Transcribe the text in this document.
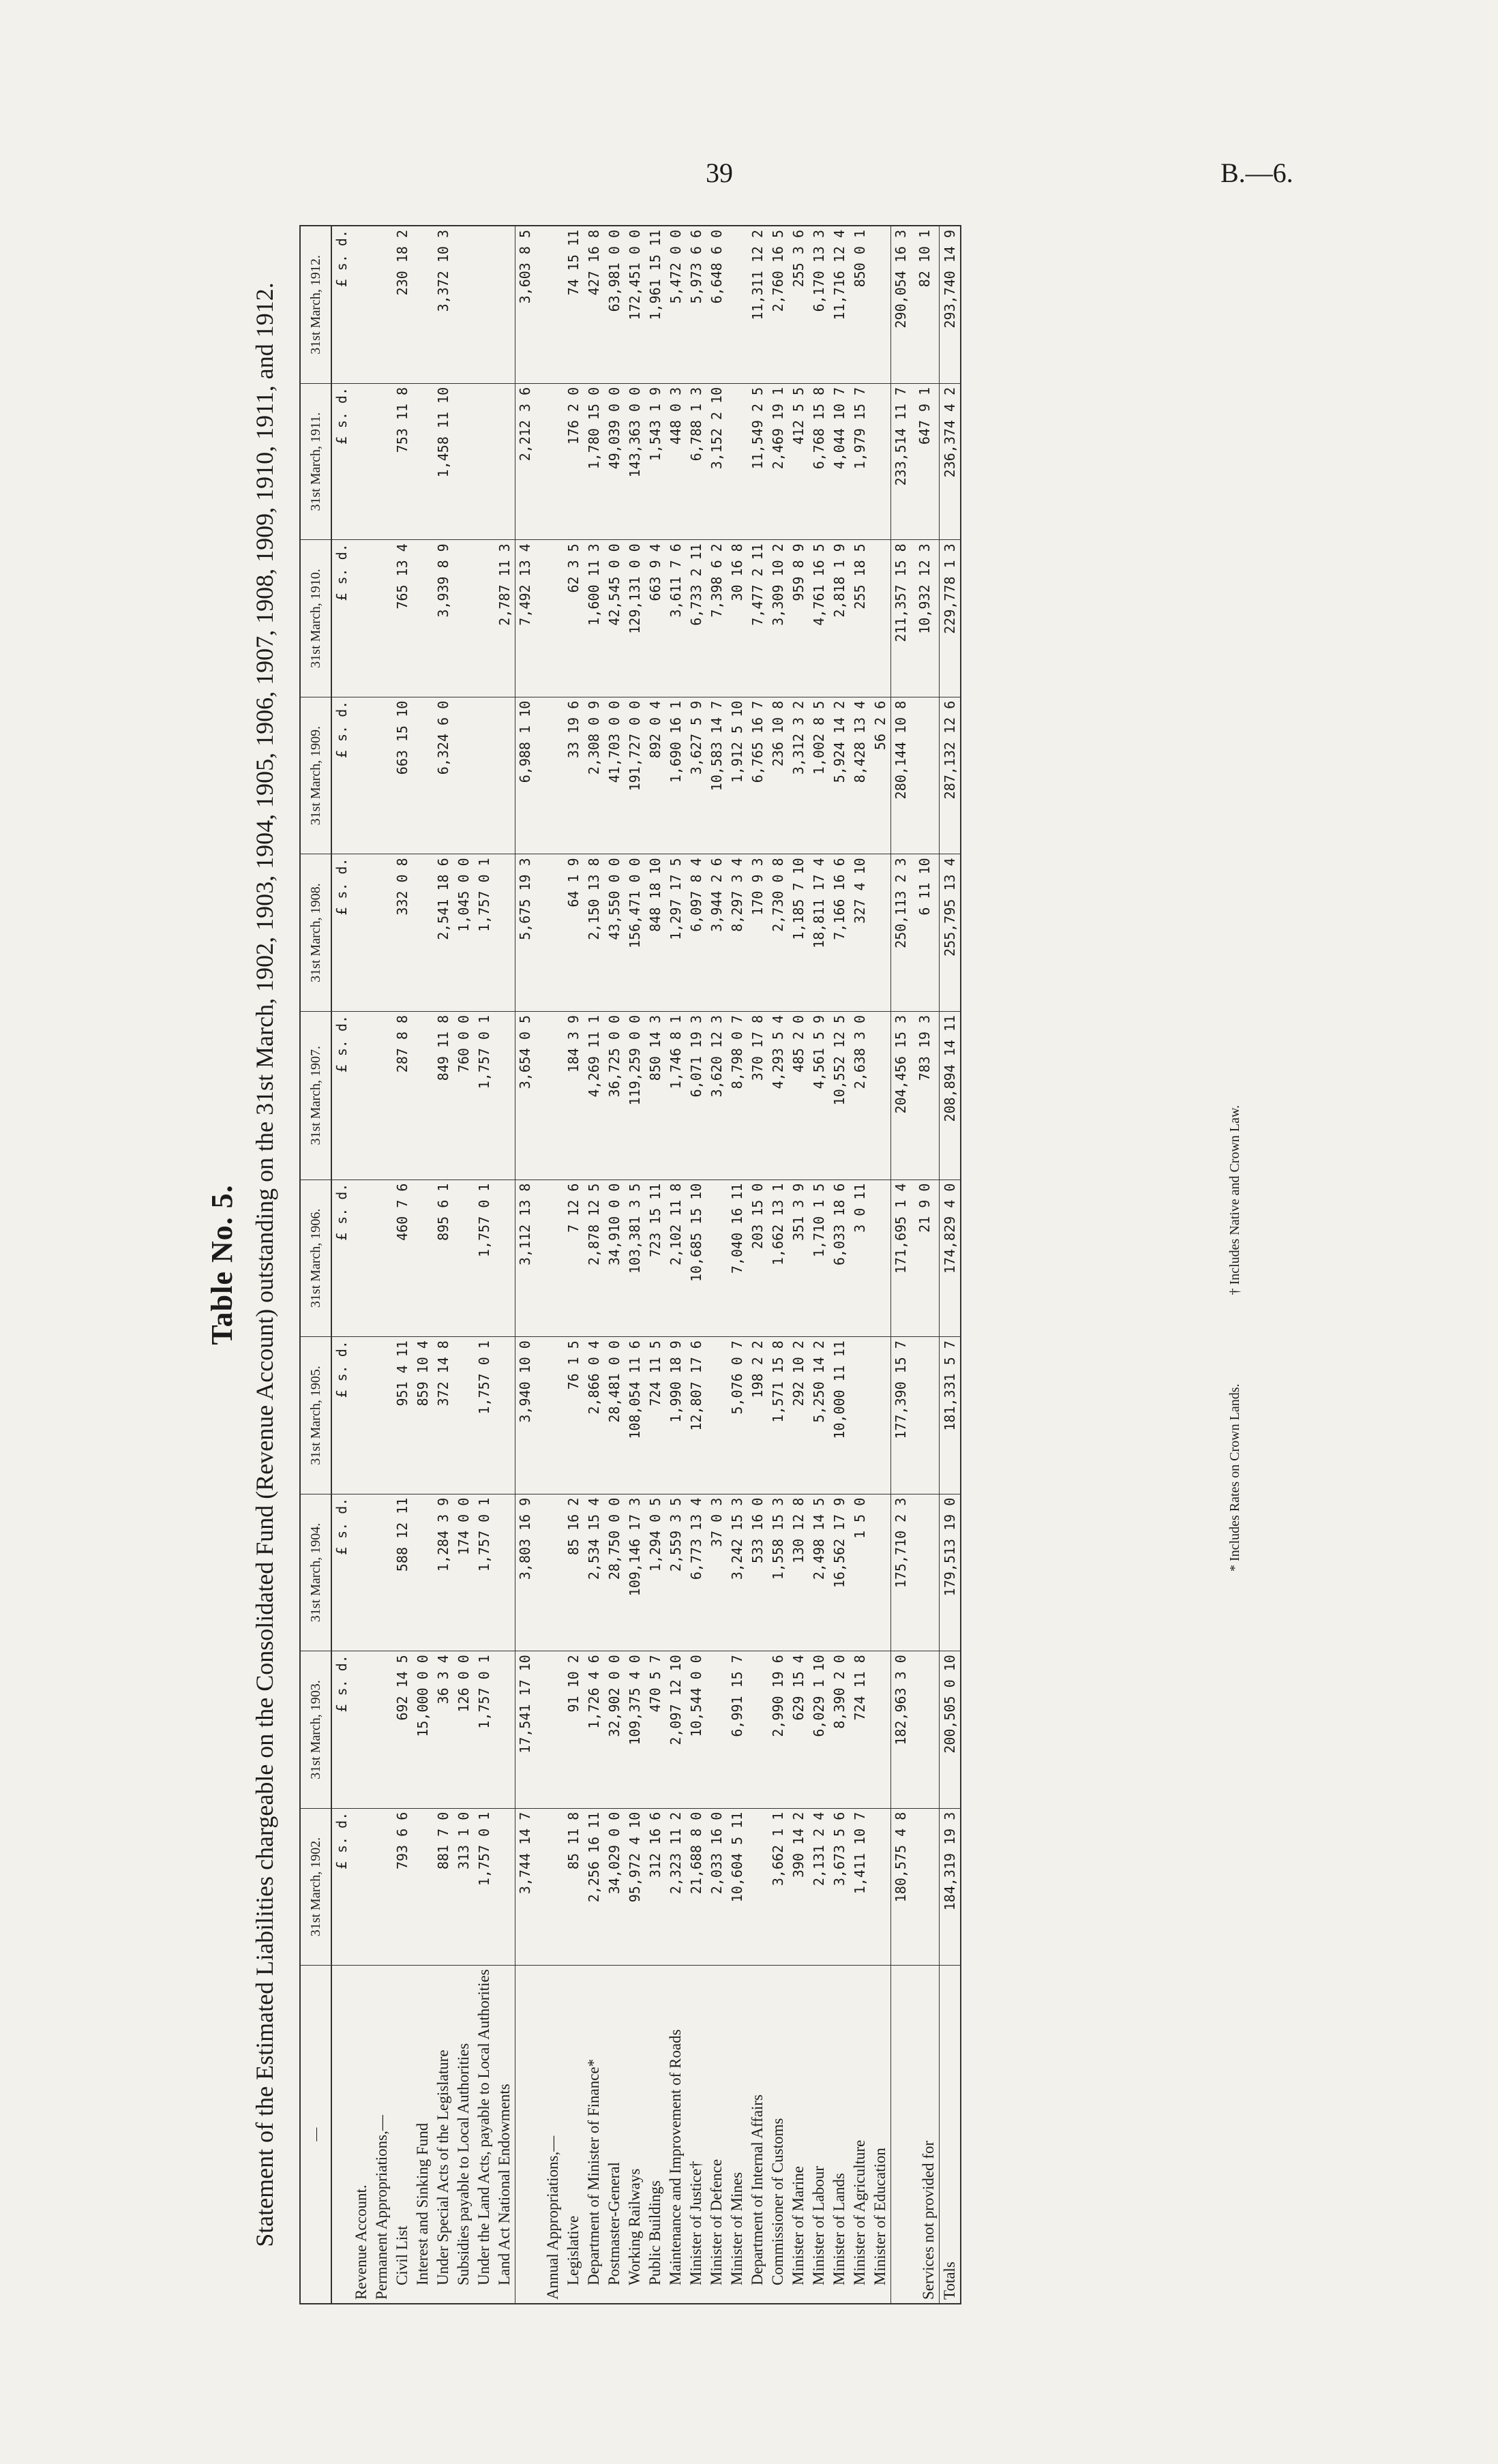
39	B.—6.
Table No. 5. Statement of the Estimated Liabilities chargeable on the Consolidated Fund (Revenue Account) outstanding on the 31st March, 1902, 1903, 1904, 1905, 1906, 1907, 1908, 1909, 1910, 1911, and 1912. —	31st March, 1902.	31st March, 1903.	31st March, 1904.	31st March, 1905.	31st March, 1906.	31st March, 1907.	31st March, 1908.	31st March, 1909.	31st March, 1910.	31st March, 1911.	31st March, 1912.
	£ s. d.	£ s. d.	£ s. d.	£ s. d.	£ s. d.	£ s. d.	£ s. d.	£ s. d.	£ s. d.	£ s. d.	£ s. d.
Revenue Account.											
Permanent Appropriations,—											
Civil List	793 6 6	692 14 5	588 12 11	951 4 11	460 7 6	287 8 8	332 0 8	663 15 10	765 13 4	753 11 8	230 18 2
Interest and Sinking Fund		15,000 0 0		859 10 4							
Under Special Acts of the Legislature	881 7 0	36 3 4	1,284 3 9	372 14 8	895 6 1	849 11 8	2,541 18 6	6,324 6 0	3,939 8 9	1,458 11 10	3,372 10 3
Subsidies payable to Local Authorities	313 1 0	126 0 0	174 0 0			760 0 0	1,045 0 0				
Under the Land Acts, payable to Local Authorities	1,757 0 1	1,757 0 1	1,757 0 1	1,757 0 1	1,757 0 1	1,757 0 1	1,757 0 1				
Land Act National Endowments									2,787 11 3		
	3,744 14 7	17,541 17 10	3,803 16 9	3,940 10 0	3,112 13 8	3,654 0 5	5,675 19 3	6,988 1 10	7,492 13 4	2,212 3 6	3,603 8 5
Annual Appropriations,—											
Legislative	85 11 8	91 10 2	85 16 2	76 1 5	7 12 6	184 3 9	64 1 9	33 19 6	62 3 5	176 2 0	74 15 11
Department of Minister of Finance*	2,256 16 11	1,726 4 6	2,534 15 4	2,866 0 4	2,878 12 5	4,269 11 1	2,150 13 8	2,308 0 9	1,600 11 3	1,780 15 0	427 16 8
Postmaster-General	34,029 0 0	32,902 0 0	28,750 0 0	28,481 0 0	34,910 0 0	36,725 0 0	43,550 0 0	41,703 0 0	42,545 0 0	49,039 0 0	63,981 0 0
Working Railways	95,972 4 10	109,375 4 0	109,146 17 3	108,054 11 6	103,381 3 5	119,259 0 0	156,471 0 0	191,727 0 0	129,131 0 0	143,363 0 0	172,451 0 0
Public Buildings	312 16 6	470 5 7	1,294 0 5	724 11 5	723 15 11	850 14 3	848 18 10	892 0 4	663 9 4	1,543 1 9	1,961 15 11
Maintenance and Improvement of Roads	2,323 11 2	2,097 12 10	2,559 3 5	1,990 18 9	2,102 11 8	1,746 8 1	1,297 17 5	1,690 16 1	3,611 7 6	448 0 3	5,472 0 0
Minister of Justice†	21,688 8 0	10,544 0 0	6,773 13 4	12,807 17 6	10,685 15 10	6,071 19 3	6,097 8 4	3,627 5 9	6,733 2 11	6,788 1 3	5,973 6 6
Minister of Defence	2,033 16 0		37 0 3			3,620 12 3	3,944 2 6	10,583 14 7	7,398 6 2	3,152 2 10	6,648 6 0
Minister of Mines	10,604 5 11	6,991 15 7	3,242 15 3	5,076 0 7	7,040 16 11	8,798 0 7	8,297 3 4	1,912 5 10	30 16 8		
Department of Internal Affairs			533 16 0	198 2 2	203 15 0	370 17 8	170 9 3	6,765 16 7	7,477 2 11	11,549 2 5	11,311 12 2
Commissioner of Customs	3,662 1 1	2,990 19 6	1,558 15 3	1,571 15 8	1,662 13 1	4,293 5 4	2,730 0 8	236 10 8	3,309 10 2	2,469 19 1	2,760 16 5
Minister of Marine	390 14 2	629 15 4	130 12 8	292 10 2	351 3 9	485 2 0	1,185 7 10	3,312 3 2	959 8 9	412 5 5	255 3 6
Minister of Labour	2,131 2 4	6,029 1 10	2,498 14 5	5,250 14 2	1,710 1 5	4,561 5 9	18,811 17 4	1,002 8 5	4,761 16 5	6,768 15 8	6,170 13 3
Minister of Lands	3,673 5 6	8,390 2 0	16,562 17 9	10,000 11 11	6,033 18 6	10,552 12 5	7,166 16 6	5,924 14 2	2,818 1 9	4,044 10 7	11,716 12 4
Minister of Agriculture	1,411 10 7	724 11 8	1 5 0		3 0 11	2,638 3 0	327 4 10	8,428 13 4	255 18 5	1,979 15 7	850 0 1
Minister of Education								56 2 6			
	180,575 4 8	182,963 3 0	175,710 2 3	177,390 15 7	171,695 1 4	204,456 15 3	250,113 2 3	280,144 10 8	211,357 15 8	233,514 11 7	290,054 16 3
Services not provided for					21 9 0	783 19 3	6 11 10		10,932 12 3	647 9 1	82 10 1
Totals	184,319 19 3	200,505 0 10	179,513 19 0	181,331 5 7	174,829 4 0	208,894 14 11	255,795 13 4	287,132 12 6	229,778 1 3	236,374 4 2	293,740 14 9
* Includes Rates on Crown Lands.
† Includes Native and Crown Law.
